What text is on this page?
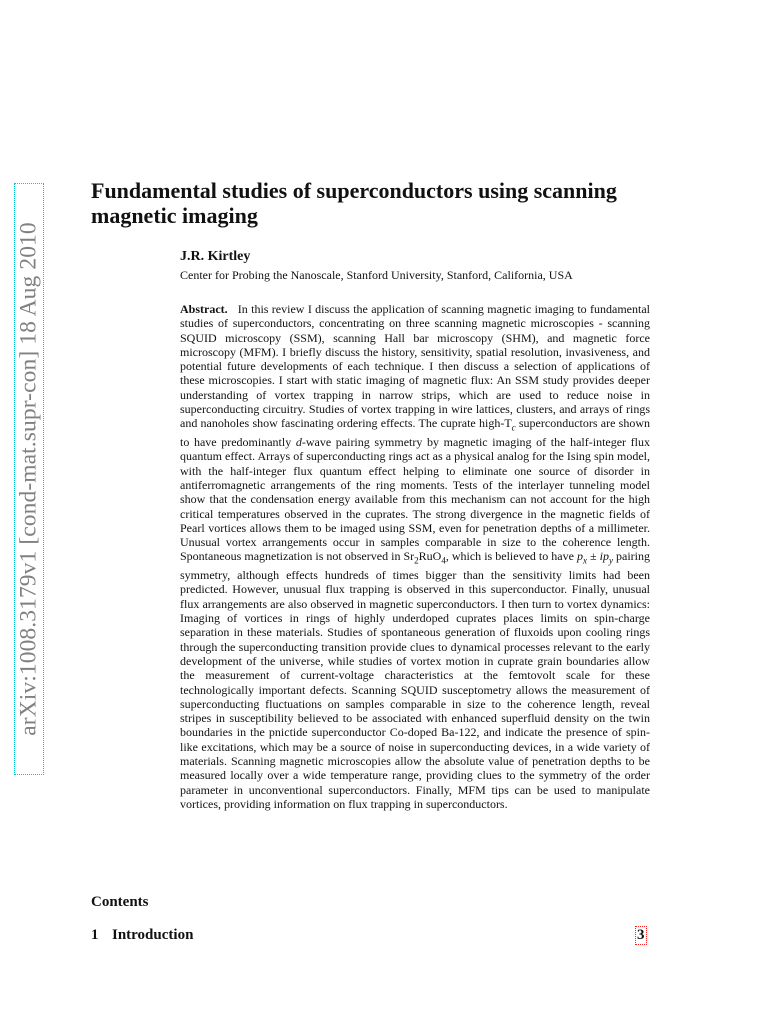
arXiv:1008.3179v1 [cond-mat.supr-con] 18 Aug 2010
Fundamental studies of superconductors using scanning magnetic imaging
J.R. Kirtley
Center for Probing the Nanoscale, Stanford University, Stanford, California, USA

Abstract. In this review I discuss the application of scanning magnetic imaging to fundamental studies of superconductors, concentrating on three scanning magnetic microscopies - scanning SQUID microscopy (SSM), scanning Hall bar microscopy (SHM), and magnetic force microscopy (MFM). I briefly discuss the history, sensitivity, spatial resolution, invasiveness, and potential future developments of each technique. I then discuss a selection of applications of these microscopies. I start with static imaging of magnetic flux: An SSM study provides deeper understanding of vortex trapping in narrow strips, which are used to reduce noise in superconducting circuitry. Studies of vortex trapping in wire lattices, clusters, and arrays of rings and nanoholes show fascinating ordering effects. The cuprate high-$T_c$ superconductors are shown to have predominantly d-wave pairing symmetry by magnetic imaging of the half-integer flux quantum effect. Arrays of superconducting rings act as a physical analog for the Ising spin model, with the half-integer flux quantum effect helping to eliminate one source of disorder in antiferromagnetic arrangements of the ring moments. Tests of the interlayer tunneling model show that the condensation energy available from this mechanism can not account for the high critical temperatures observed in the cuprates. The strong divergence in the magnetic fields of Pearl vortices allows them to be imaged using SSM, even for penetration depths of a millimeter. Unusual vortex arrangements occur in samples comparable in size to the coherence length. Spontaneous magnetization is not observed in $Sr_2RuO_4$, which is believed to have $p_x \pm ip_y$ pairing symmetry, although effects hundreds of times bigger than the sensitivity limits had been predicted. However, unusual flux trapping is observed in this superconductor. Finally, unusual flux arrangements are also observed in magnetic superconductors. I then turn to vortex dynamics: Imaging of vortices in rings of highly underdoped cuprates places limits on spin-charge separation in these materials. Studies of spontaneous generation of fluxoids upon cooling rings through the superconducting transition provide clues to dynamical processes relevant to the early development of the universe, while studies of vortex motion in cuprate grain boundaries allow the measurement of current-voltage characteristics at the femtovolt scale for these technologically important defects. Scanning SQUID susceptometry allows the measurement of superconducting fluctuations on samples comparable in size to the coherence length, reveal stripes in susceptibility believed to be associated with enhanced superfluid density on the twin boundaries in the pnictide superconductor Co-doped Ba-122, and indicate the presence of spin-like excitations, which may be a source of noise in superconducting devices, in a wide variety of materials. Scanning magnetic microscopies allow the absolute value of penetration depths to be measured locally over a wide temperature range, providing clues to the symmetry of the order parameter in unconventional superconductors. Finally, MFM tips can be used to manipulate vortices, providing information on flux trapping in superconductors.

Contents
1 Introduction	3
